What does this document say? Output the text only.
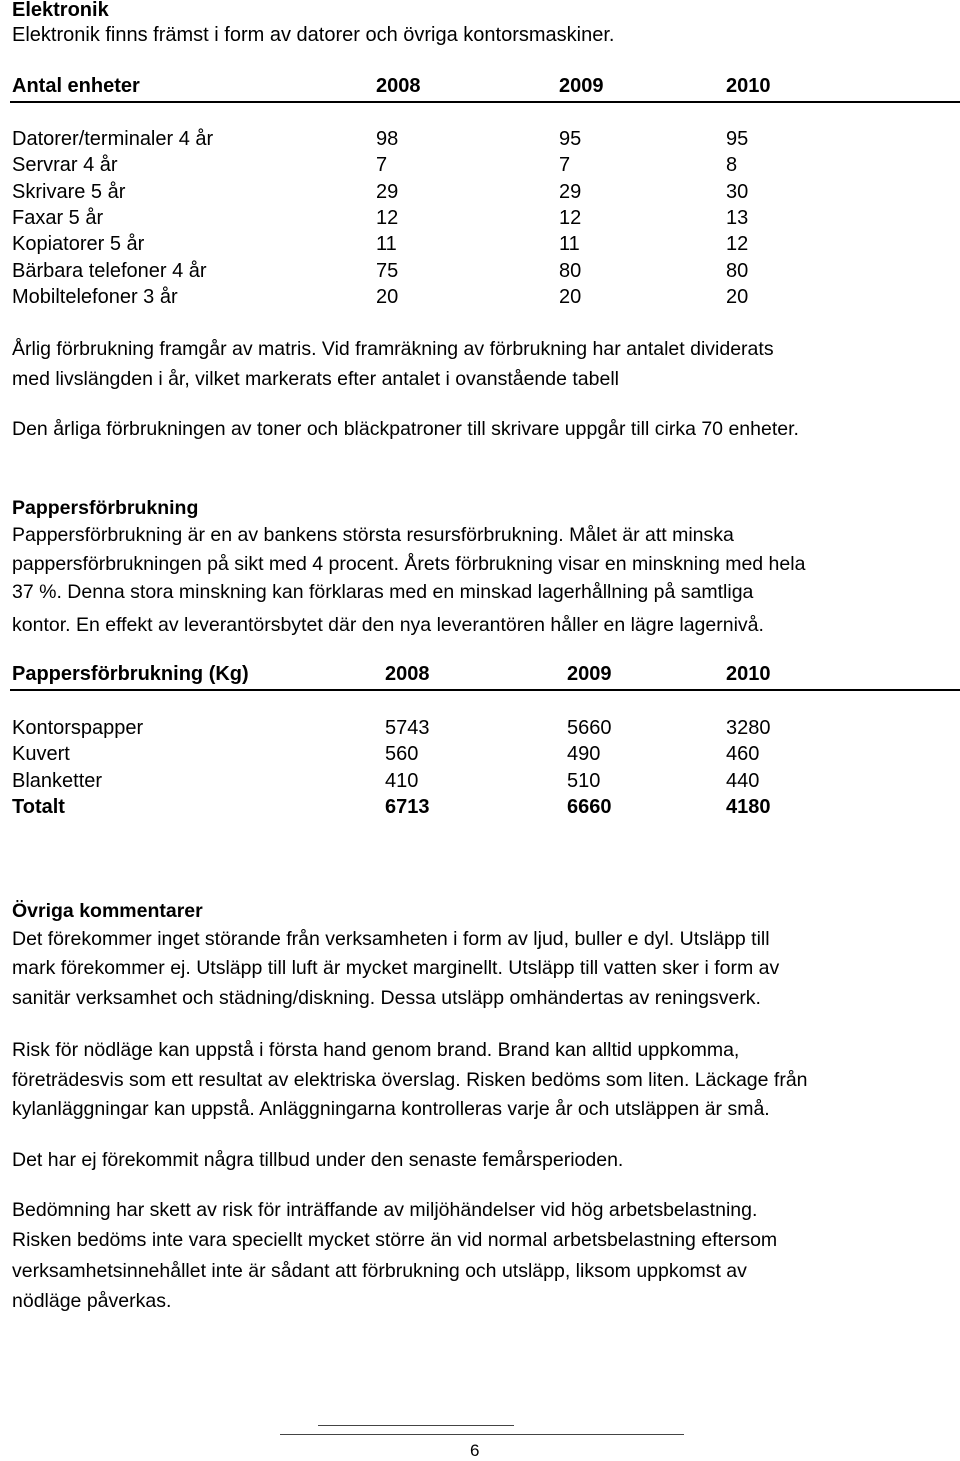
Elektronik
Elektronik finns främst i form av datorer och övriga kontorsmaskiner.
Antal enheter	2008	2009	2010
Datorer/terminaler 4 år	98	95	95
Servrar 4 år	7	7	8
Skrivare 5 år	29	29	30
Faxar 5 år	12	12	13
Kopiatorer 5 år	11	11	12
Bärbara telefoner 4 år	75	80	80
Mobiltelefoner 3 år	20	20	20
Årlig förbrukning framgår av matris. Vid framräkning av förbrukning har antalet dividerats
med livslängden i år, vilket markerats efter antalet i ovanstående tabell
Den årliga förbrukningen av toner och bläckpatroner till skrivare uppgår till cirka 70 enheter.
Pappersförbrukning
Pappersförbrukning är en av bankens största resursförbrukning. Målet är att minska
pappersförbrukningen på sikt med 4 procent. Årets förbrukning visar en minskning med hela
37 %. Denna stora minskning kan förklaras med en minskad lagerhållning på samtliga
kontor. En effekt av leverantörsbytet där den nya leverantören håller en lägre lagernivå.
Pappersförbrukning (Kg)	2008	2009	2010
Kontorspapper	5743	5660	3280
Kuvert	560	490	460
Blanketter	410	510	440
Totalt	6713	6660	4180
Övriga kommentarer
Det förekommer inget störande från verksamheten i form av ljud, buller e dyl. Utsläpp till
mark förekommer ej. Utsläpp till luft är mycket marginellt. Utsläpp till vatten sker i form av
sanitär verksamhet och städning/diskning. Dessa utsläpp omhändertas av reningsverk.
Risk för nödläge kan uppstå i första hand genom brand. Brand kan alltid uppkomma,
företrädesvis som ett resultat av elektriska överslag. Risken bedöms som liten. Läckage från
kylanläggningar kan uppstå. Anläggningarna kontrolleras varje år och utsläppen är små.
Det har ej förekommit några tillbud under den senaste femårsperioden.
Bedömning har skett av risk för inträffande av miljöhändelser vid hög arbetsbelastning.
Risken bedöms inte vara speciellt mycket större än vid normal arbetsbelastning eftersom
verksamhetsinnehållet inte är sådant att förbrukning och utsläpp, liksom uppkomst av
nödläge påverkas.
6
